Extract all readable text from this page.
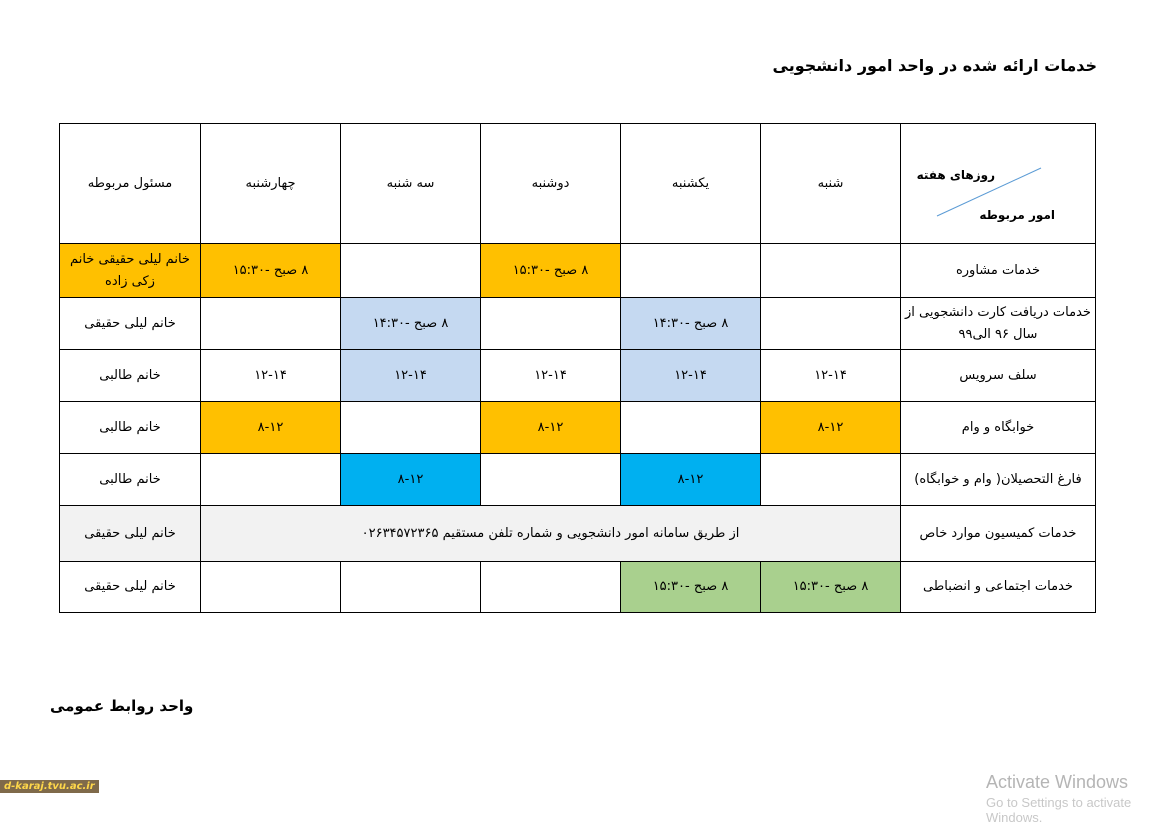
خدمات ارائه شده در واحد امور دانشجویی
روزهای هفته
امور مربوطه	شنبه	یکشنبه	دوشنبه	سه شنبه	چهارشنبه	مسئول مربوطه
خدمات مشاوره			۸ صبح -۱۵:۳۰		۸ صبح -۱۵:۳۰	خانم لیلی حقیقی خانم زکی زاده
خدمات دریافت کارت دانشجویی از سال ۹۶ الی۹۹		۸ صبح -۱۴:۳۰		۸ صبح -۱۴:۳۰		خانم لیلی حقیقی
سلف سرویس	۱۲-۱۴	۱۲-۱۴	۱۲-۱۴	۱۲-۱۴	۱۲-۱۴	خانم طالبی
خوابگاه و وام	۸-۱۲		۸-۱۲		۸-۱۲	خانم طالبی
فارغ التحصیلان( وام و خوابگاه)		۸-۱۲		۸-۱۲		خانم طالبی
خدمات کمیسیون موارد خاص	از طریق سامانه امور دانشجویی و شماره تلفن مستقیم ۰۲۶۳۴۵۷۲۳۶۵					خانم لیلی حقیقی
خدمات اجتماعی و انضباطی	۸ صبح -۱۵:۳۰	۸ صبح -۱۵:۳۰				خانم لیلی حقیقی
واحد روابط عمومی
d-karaj.tvu.ac.ir	Activate Windows
Go to Settings to activate Windows.
